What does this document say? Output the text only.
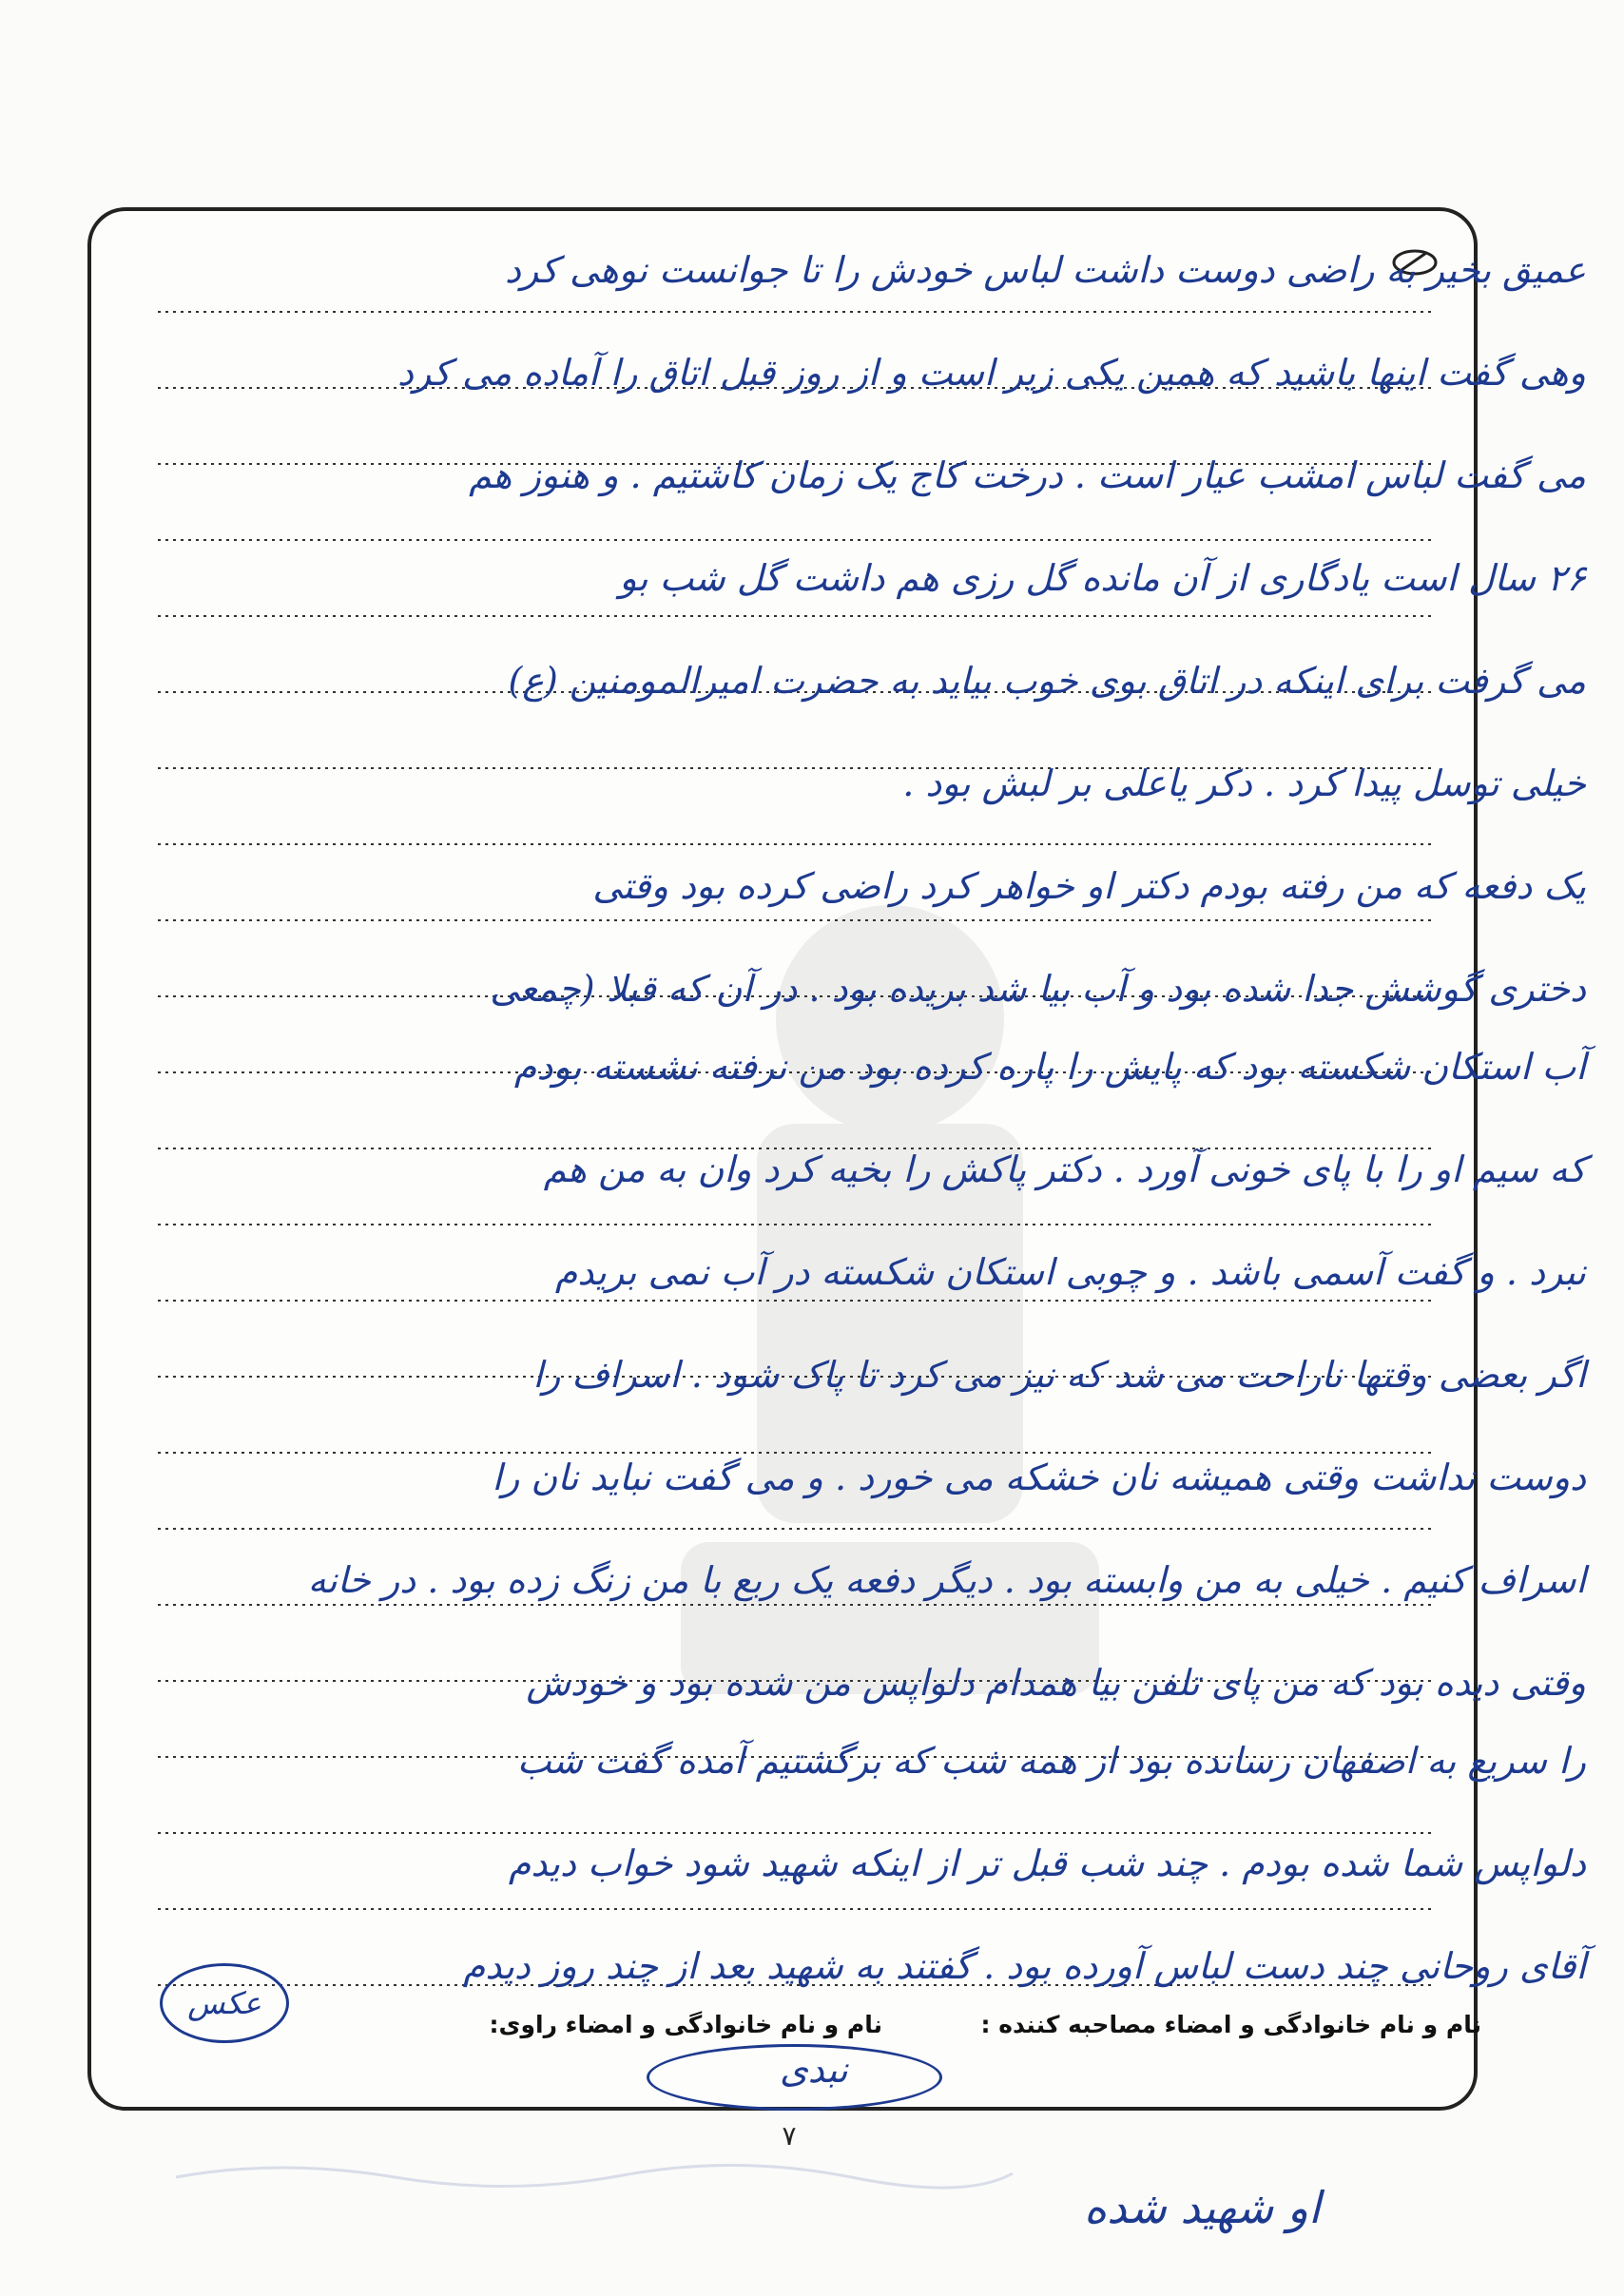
عمیق بخیر به راضی دوست داشت لباس خودش را تا جوانست نوهی کرد
وهی گفت اینها باشید که همین یکی زیر است و از روز قبل اتاق را آماده می کرد
می گفت لباس امشب عیار است . درخت کاج یک زمان کاشتیم . و هنوز هم
۲۶ سال است یادگاری از آن مانده گل رزی هم داشت گل شب بو
می گرفت برای اینکه در اتاق بوی خوب بیاید به حضرت امیرالمومنین (ع)
خیلی توسل پیدا کرد . دکر یاعلی بر لبش بود .
یک دفعه که من رفته بودم دکتر او خواهر کرد راضی کرده بود وقتی
دختری گوشش جدا شده بود و آب بیا شد بریده بود . در آن که قبلا (چمعی
آب استکان شکسته بود که پایش را پاره کرده بود من نرفته نشسته بودم
که سیم او را با پای خونی آورد . دکتر پاکش را بخیه کرد وان به من هم
نبرد . و گفت آسمی باشد . و چوبی استکان شکسته در آب نمی بریدم
اگر بعضی وقتها ناراحت می شد که نیز می کرد تا پاک شود . اسراف را
دوست نداشت وقتی همیشه نان خشکه می خورد . و می گفت نباید نان را
اسراف کنیم . خیلی به من وابسته بود . دیگر دفعه یک ربع با من زنگ زده بود . در خانه
وقتی دیده بود که من پای تلفن بیا همدام دلواپس من شده بود و خودش
را سریع به اصفهان رسانده بود از همه شب که برگشتیم آمده گفت شب
دلواپس شما شده بودم . چند شب قبل تر از اینکه شهید شود خواب دیدم
آقای روحانی چند دست لباس آورده بود . گفتند به شهید بعد از چند روز دیدم
نام و نام خانوادگی و امضاء مصاحبه کننده :
نام و نام خانوادگی و امضاء راوی:
نبدی
عکس
۷
او شهید شده
